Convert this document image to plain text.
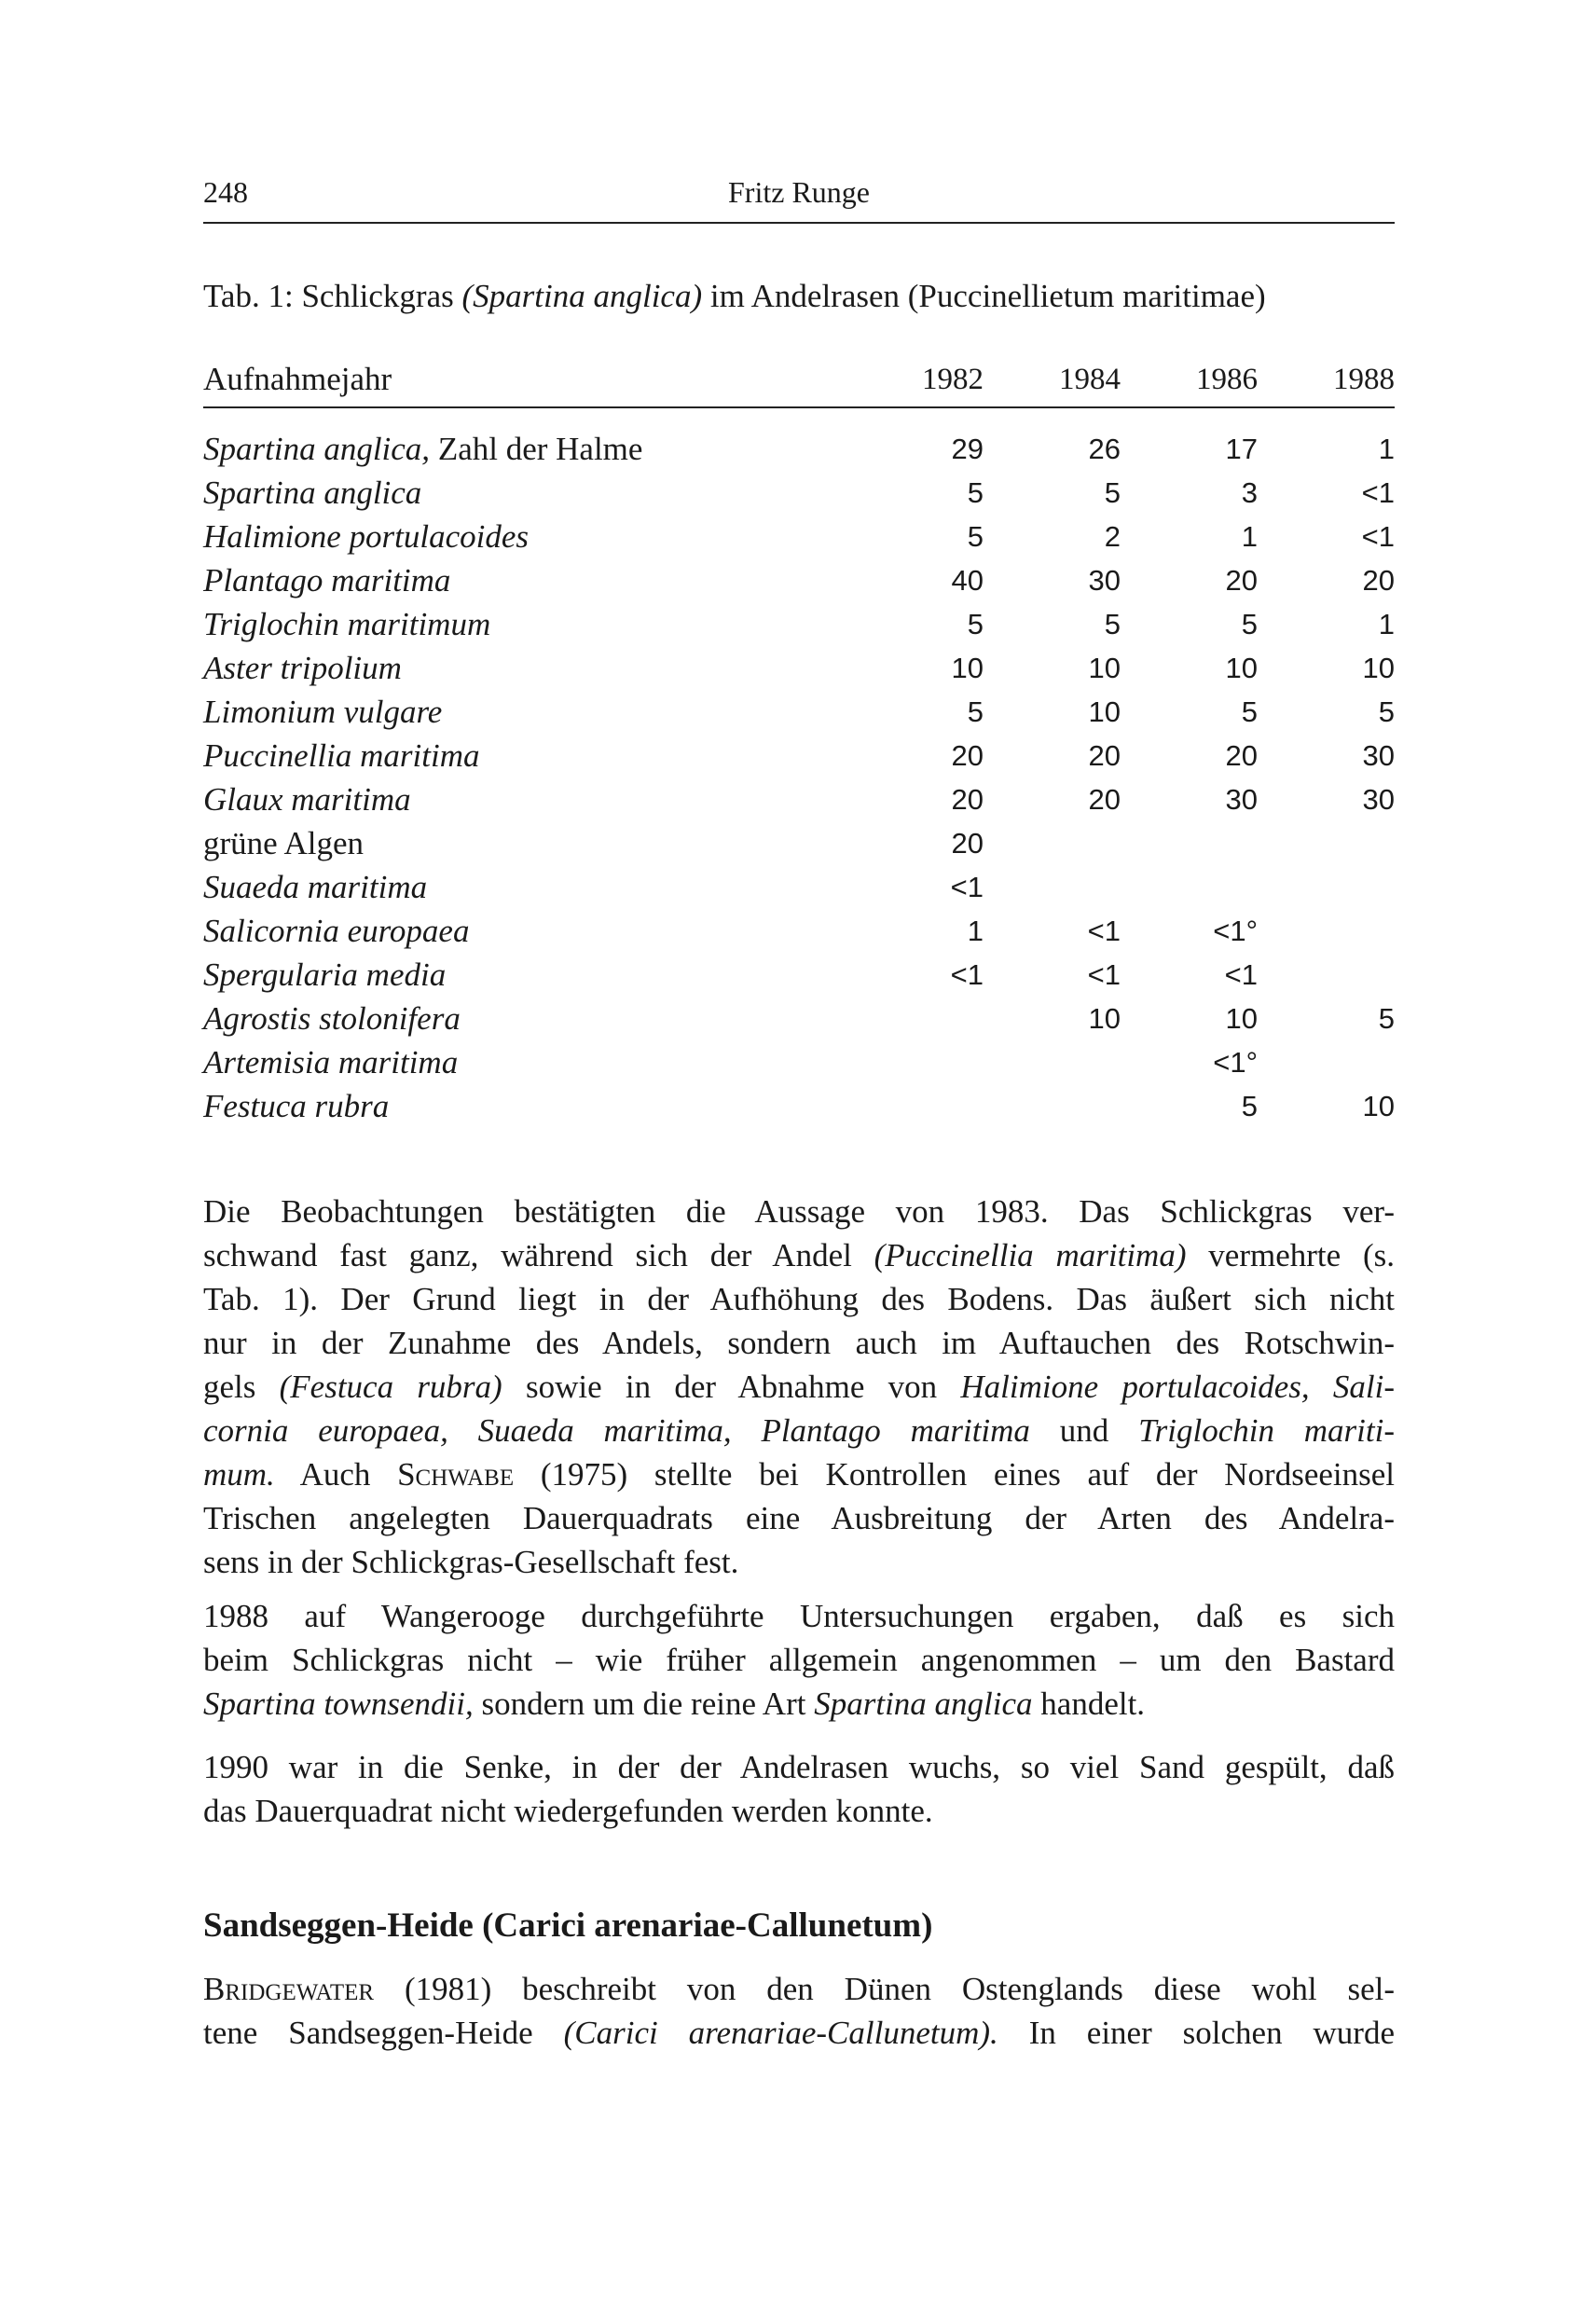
248	Fritz Runge
Tab. 1: Schlickgras (Spartina anglica) im Andelrasen (Puccinellietum maritimae)
Aufnahmejahr	1982	1984	1986	1988

Spartina anglica, Zahl der Halme	29	26	17	1
Spartina anglica	5	5	3	<1
Halimione portulacoides	5	2	1	<1
Plantago maritima	40	30	20	20
Triglochin maritimum	5	5	5	1
Aster tripolium	10	10	10	10
Limonium vulgare	5	10	5	5
Puccinellia maritima	20	20	20	30
Glaux maritima	20	20	30	30
grüne Algen	20			
Suaeda maritima	<1			
Salicornia europaea	1	<1	<1°	
Spergularia media	<1	<1	<1	
Agrostis stolonifera		10	10	5
Artemisia maritima			<1°	
Festuca rubra			5	10
Die Beobachtungen bestätigten die Aussage von 1983. Das Schlickgras ver-
schwand fast ganz, während sich der Andel (Puccinellia maritima) vermehrte (s.
Tab. 1). Der Grund liegt in der Aufhöhung des Bodens. Das äußert sich nicht
nur in der Zunahme des Andels, sondern auch im Auftauchen des Rotschwin-
gels (Festuca rubra) sowie in der Abnahme von Halimione portulacoides, Sali-
cornia europaea, Suaeda maritima, Plantago maritima und Triglochin mariti-
mum. Auch Schwabe (1975) stellte bei Kontrollen eines auf der Nordseeinsel
Trischen angelegten Dauerquadrats eine Ausbreitung der Arten des Andelra-
sens in der Schlickgras-Gesellschaft fest.
1988 auf Wangerooge durchgeführte Untersuchungen ergaben, daß es sich
beim Schlickgras nicht – wie früher allgemein angenommen – um den Bastard
Spartina townsendii, sondern um die reine Art Spartina anglica handelt.
1990 war in die Senke, in der der Andelrasen wuchs, so viel Sand gespült, daß
das Dauerquadrat nicht wiedergefunden werden konnte.
Sandseggen-Heide (Carici arenariae-Callunetum)
Bridgewater (1981) beschreibt von den Dünen Ostenglands diese wohl sel-
tene Sandseggen-Heide (Carici arenariae-Callunetum). In einer solchen wurde
